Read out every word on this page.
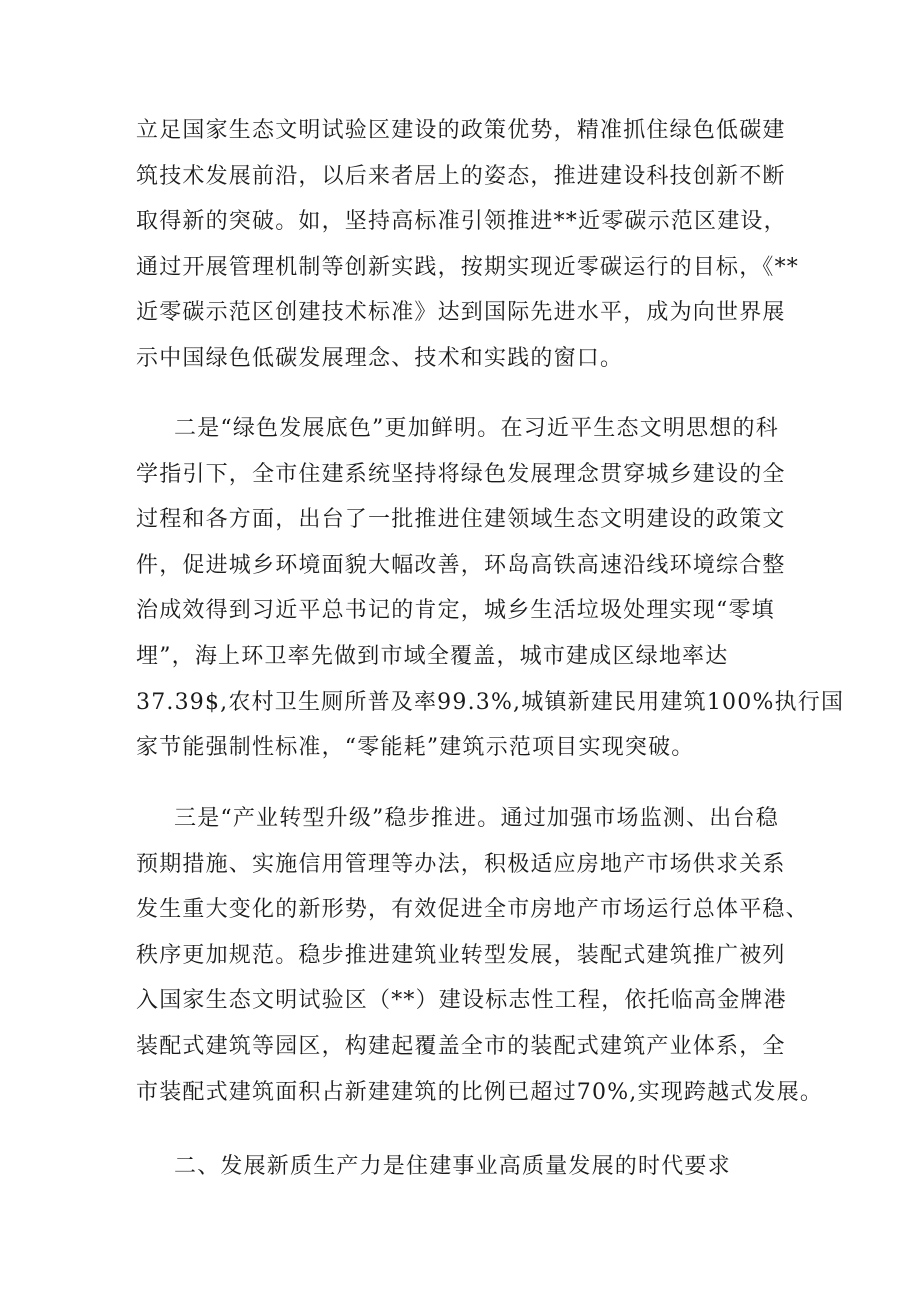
立足国家生态文明试验区建设的政策优势，精准抓住绿色低碳建
筑技术发展前沿，以后来者居上的姿态，推进建设科技创新不断
取得新的突破。如，坚持高标准引领推进**近零碳示范区建设，
通过开展管理机制等创新实践，按期实现近零碳运行的目标，《**
近零碳示范区创建技术标准》达到国际先进水平，成为向世界展
示中国绿色低碳发展理念、技术和实践的窗口。
二是“绿色发展底色”更加鲜明。在习近平生态文明思想的科
学指引下，全市住建系统坚持将绿色发展理念贯穿城乡建设的全
过程和各方面，出台了一批推进住建领域生态文明建设的政策文
件，促进城乡环境面貌大幅改善，环岛高铁高速沿线环境综合整
治成效得到习近平总书记的肯定，城乡生活垃圾处理实现“零填
埋”，海上环卫率先做到市域全覆盖，城市建成区绿地率达
37.39$,农村卫生厕所普及率99.3%,城镇新建民用建筑100%执行国
家节能强制性标准，“零能耗”建筑示范项目实现突破。
三是“产业转型升级”稳步推进。通过加强市场监测、出台稳
预期措施、实施信用管理等办法，积极适应房地产市场供求关系
发生重大变化的新形势，有效促进全市房地产市场运行总体平稳、
秩序更加规范。稳步推进建筑业转型发展，装配式建筑推广被列
入国家生态文明试验区（**）建设标志性工程，依托临高金牌港
装配式建筑等园区，构建起覆盖全市的装配式建筑产业体系，全
市装配式建筑面积占新建建筑的比例已超过70%,实现跨越式发展。
二、发展新质生产力是住建事业高质量发展的时代要求
